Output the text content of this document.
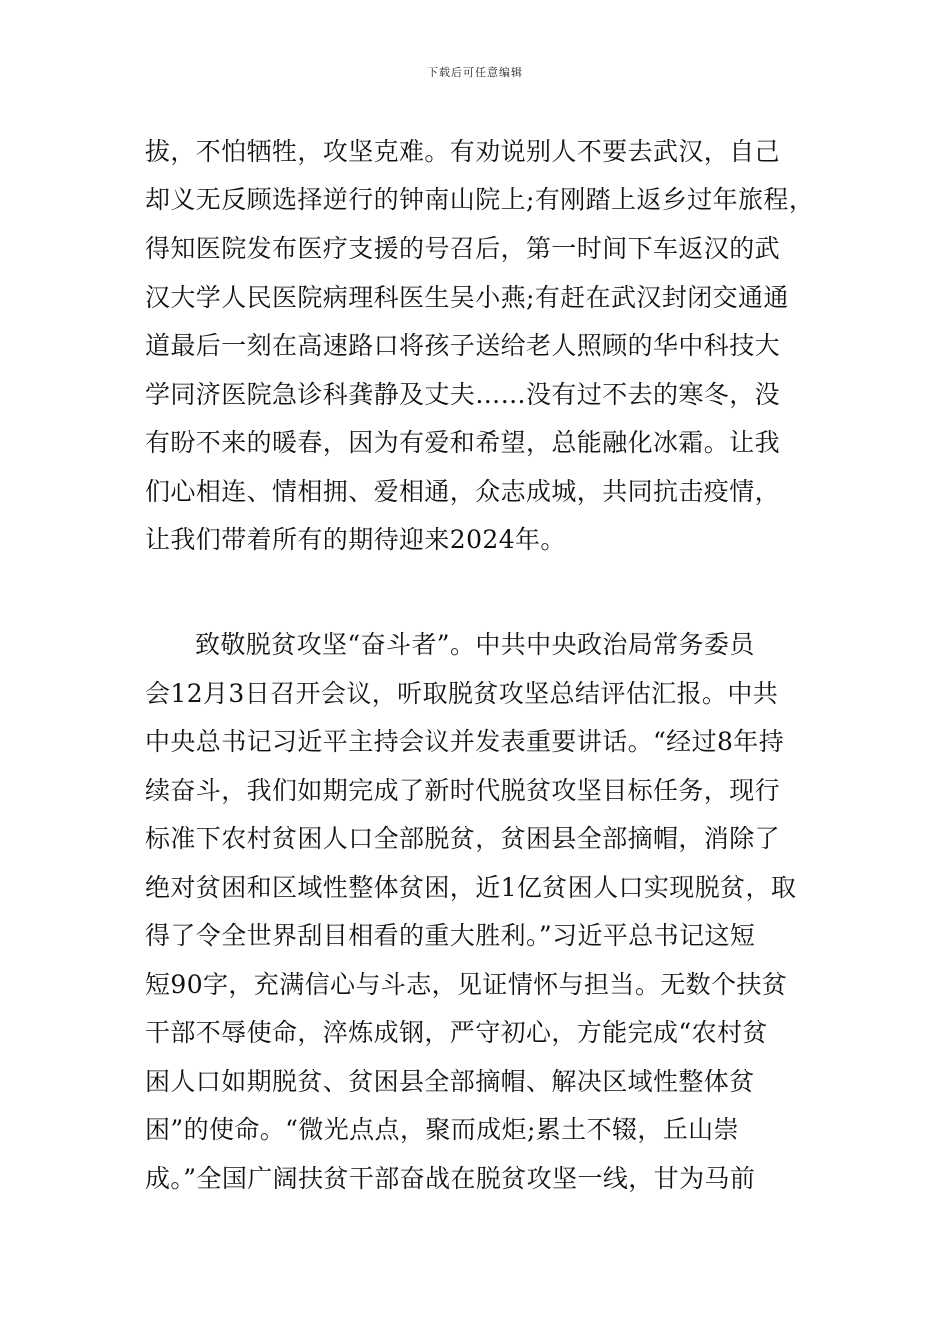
下载后可任意编辑
拔，不怕牺牲，攻坚克难。有劝说别人不要去武汉，自己
却义无反顾选择逆行的钟南山院上;有刚踏上返乡过年旅程，
得知医院发布医疗支援的号召后，第一时间下车返汉的武
汉大学人民医院病理科医生吴小燕;有赶在武汉封闭交通通
道最后一刻在高速路口将孩子送给老人照顾的华中科技大
学同济医院急诊科龚静及丈夫……没有过不去的寒冬，没
有盼不来的暖春，因为有爱和希望，总能融化冰霜。让我
们心相连、情相拥、爱相通，众志成城，共同抗击疫情，
让我们带着所有的期待迎来2024年。
致敬脱贫攻坚“奋斗者”。中共中央政治局常务委员
会12月3日召开会议，听取脱贫攻坚总结评估汇报。中共
中央总书记习近平主持会议并发表重要讲话。“经过8年持
续奋斗，我们如期完成了新时代脱贫攻坚目标任务，现行
标准下农村贫困人口全部脱贫，贫困县全部摘帽，消除了
绝对贫困和区域性整体贫困，近1亿贫困人口实现脱贫，取
得了令全世界刮目相看的重大胜利。”习近平总书记这短
短90字，充满信心与斗志，见证情怀与担当。无数个扶贫
干部不辱使命，淬炼成钢，严守初心，方能完成“农村贫
困人口如期脱贫、贫困县全部摘帽、解决区域性整体贫
困”的使命。“微光点点，聚而成炬;累土不辍，丘山崇
成。”全国广阔扶贫干部奋战在脱贫攻坚一线，甘为马前
